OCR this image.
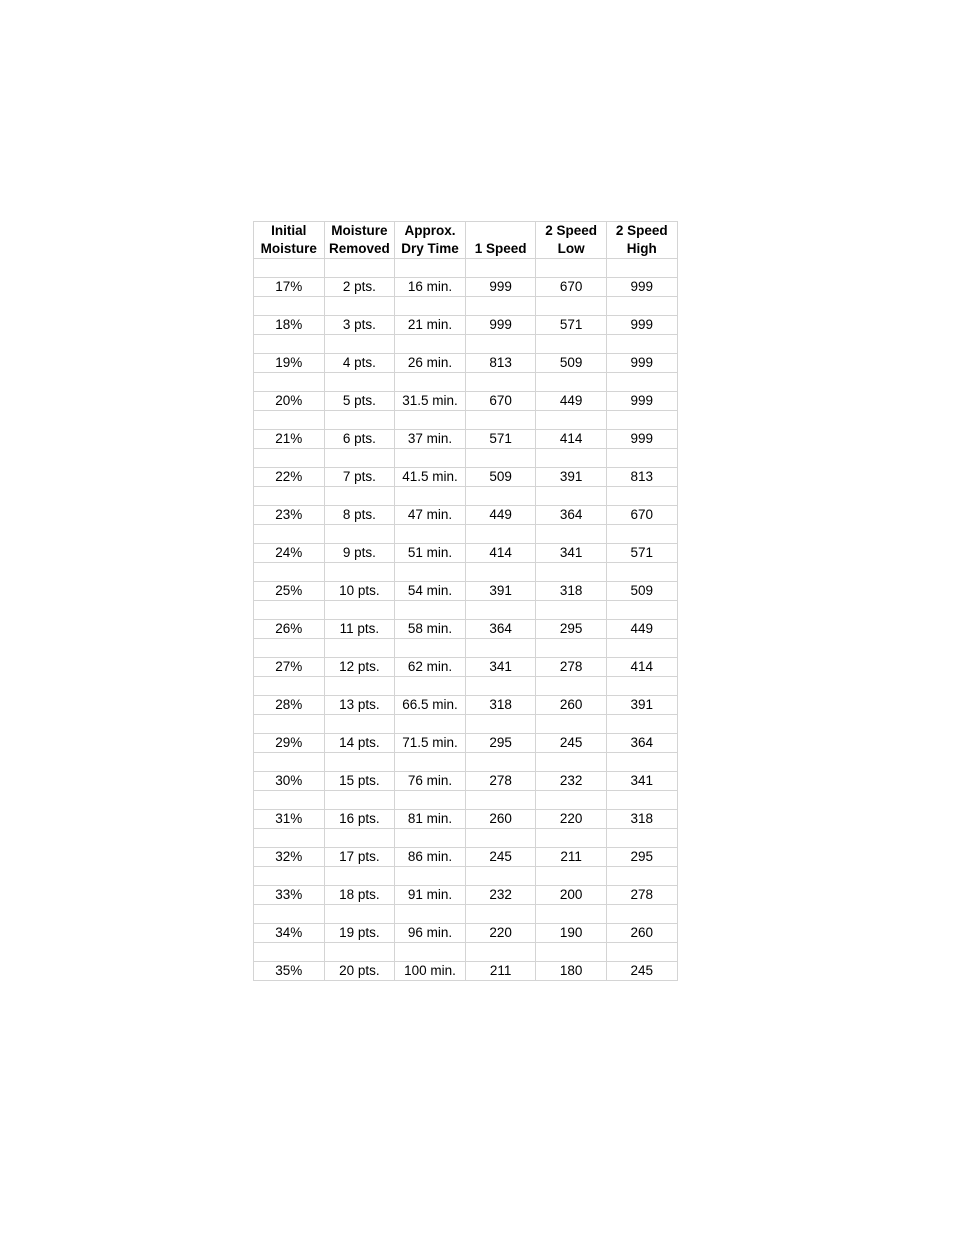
Initial	Moisture	Approx.		2 Speed	2 Speed
Moisture	Removed	Dry Time	1 Speed	Low	High

17%	2 pts.	16 min.	999	670	999

18%	3 pts.	21 min.	999	571	999

19%	4 pts.	26 min.	813	509	999

20%	5 pts.	31.5 min.	670	449	999

21%	6 pts.	37 min.	571	414	999

22%	7 pts.	41.5 min.	509	391	813

23%	8 pts.	47 min.	449	364	670

24%	9 pts.	51 min.	414	341	571

25%	10 pts.	54 min.	391	318	509

26%	11 pts.	58 min.	364	295	449

27%	12 pts.	62 min.	341	278	414

28%	13 pts.	66.5 min.	318	260	391

29%	14 pts.	71.5 min.	295	245	364

30%	15 pts.	76 min.	278	232	341

31%	16 pts.	81 min.	260	220	318

32%	17 pts.	86 min.	245	211	295

33%	18 pts.	91 min.	232	200	278

34%	19 pts.	96 min.	220	190	260

35%	20 pts.	100 min.	211	180	245
